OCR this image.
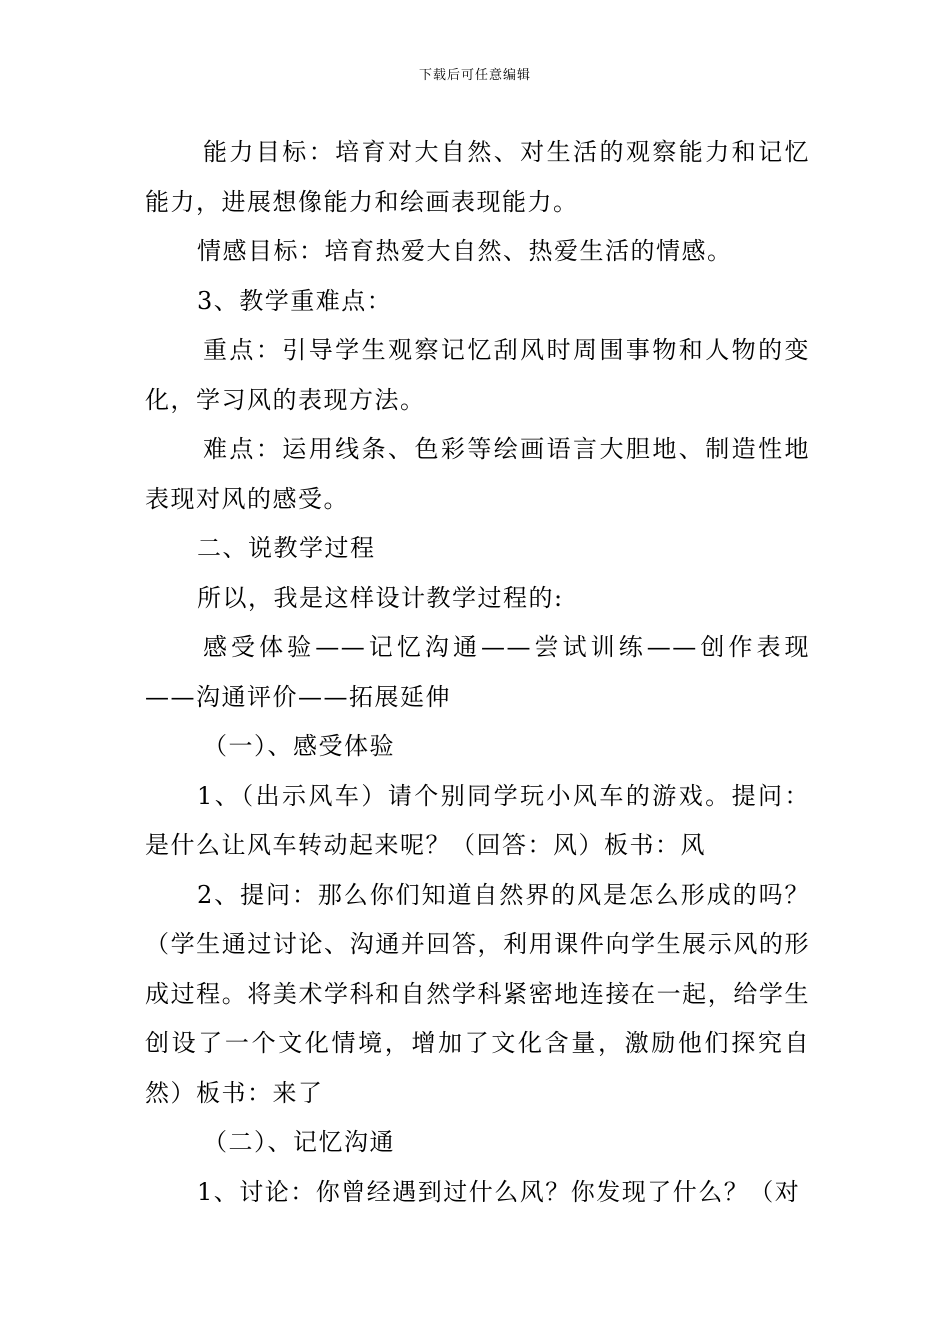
下载后可任意编辑

能力目标：培育对大自然、对生活的观察能力和记忆能力，进展想像能力和绘画表现能力。

情感目标：培育热爱大自然、热爱生活的情感。

3、教学重难点：

重点：引导学生观察记忆刮风时周围事物和人物的变化，学习风的表现方法。

难点：运用线条、色彩等绘画语言大胆地、制造性地表现对风的感受。

二、说教学过程

所以，我是这样设计教学过程的:

感受体验——记忆沟通——尝试训练——创作表现——沟通评价——拓展延伸

（一）、感受体验

1、（出示风车）请个别同学玩小风车的游戏。提问：是什么让风车转动起来呢？（回答：风）板书：风

2、提问：那么你们知道自然界的风是怎么形成的吗？（学生通过讨论、沟通并回答，利用课件向学生展示风的形成过程。将美术学科和自然学科紧密地连接在一起，给学生创设了一个文化情境，增加了文化含量，激励他们探究自然）板书：来了

（二）、记忆沟通

1、讨论：你曾经遇到过什么风？你发现了什么？（对
